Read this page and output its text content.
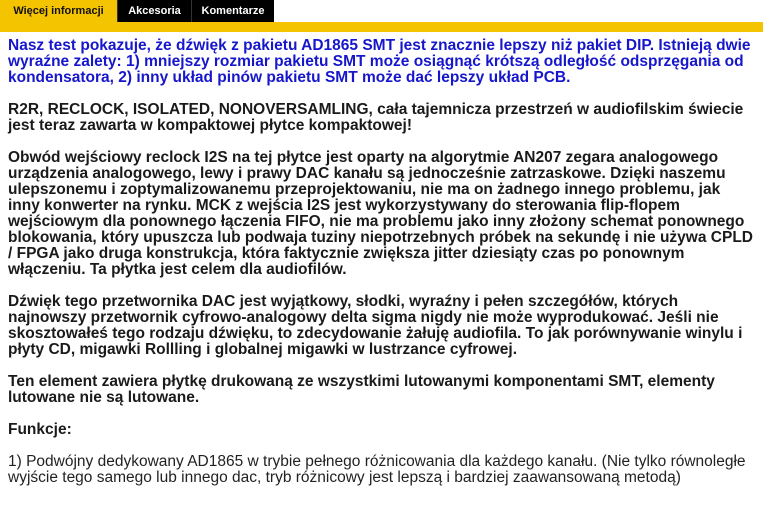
Więcej informacji	Akcesoria	Komentarze

Nasz test pokazuje, że dźwięk z pakietu AD1865 SMT jest znacznie lepszy niż pakiet DIP. Istnieją dwie wyraźne zalety: 1) mniejszy rozmiar pakietu SMT może osiągnąć krótszą odległość odsprzęgania od kondensatora, 2) inny układ pinów pakietu SMT może dać lepszy układ PCB.

R2R, RECLOCK, ISOLATED, NONOVERSAMLING, cała tajemnicza przestrzeń w audiofilskim świecie jest teraz zawarta w kompaktowej płytce kompaktowej!

Obwód wejściowy reclock I2S na tej płytce jest oparty na algorytmie AN207 zegara analogowego urządzenia analogowego, lewy i prawy DAC kanału są jednocześnie zatrzaskowe. Dzięki naszemu ulepszonemu i zoptymalizowanemu przeprojektowaniu, nie ma on żadnego innego problemu, jak inny konwerter na rynku. MCK z wejścia I2S jest wykorzystywany do sterowania flip-flopem wejściowym dla ponownego łączenia FIFO, nie ma problemu jako inny złożony schemat ponownego blokowania, który upuszcza lub podwaja tuziny niepotrzebnych próbek na sekundę i nie używa CPLD / FPGA jako druga konstrukcja, która faktycznie zwiększa jitter dziesiąty czas po ponownym włączeniu. Ta płytka jest celem dla audiofilów.

Dźwięk tego przetwornika DAC jest wyjątkowy, słodki, wyraźny i pełen szczegółów, których najnowszy przetwornik cyfrowo-analogowy delta sigma nigdy nie może wyprodukować. Jeśli nie skosztowałeś tego rodzaju dźwięku, to zdecydowanie żałuję audiofila. To jak porównywanie winylu i płyty CD, migawki Rollling i globalnej migawki w lustrzance cyfrowej.

Ten element zawiera płytkę drukowaną ze wszystkimi lutowanymi komponentami SMT, elementy lutowane nie są lutowane.

Funkcje:

1) Podwójny dedykowany AD1865 w trybie pełnego różnicowania dla każdego kanału. (Nie tylko równoległe wyjście tego samego lub innego dac, tryb różnicowy jest lepszą i bardziej zaawansowaną metodą)
